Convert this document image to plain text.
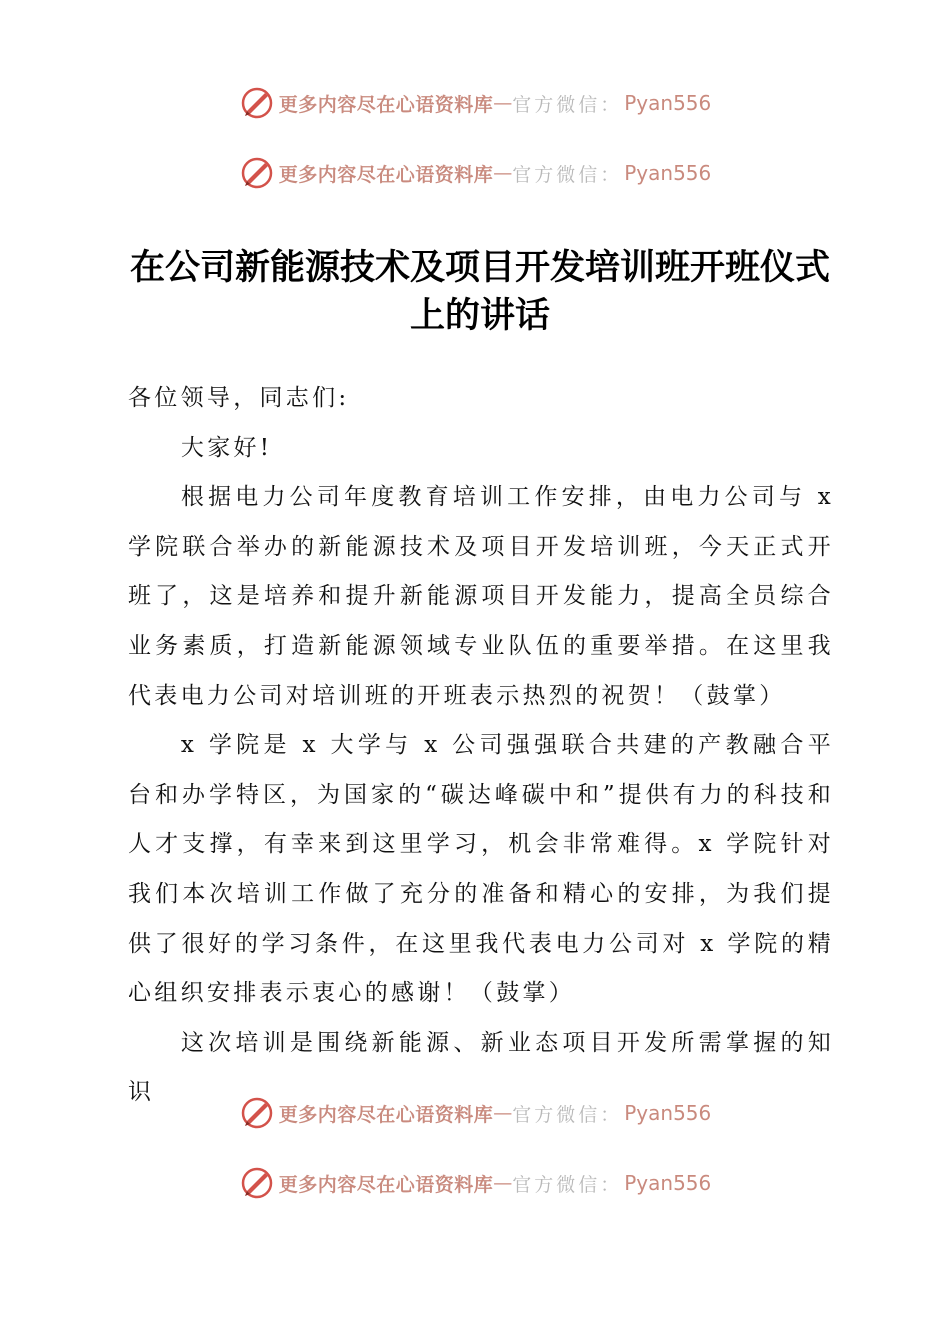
更多内容尽在心语资料库 — 官方微信： Pyan556
更多内容尽在心语资料库 — 官方微信： Pyan556
在公司新能源技术及项目开发培训班开班仪式
上的讲话

各位领导，同志们:

大家好!

根据电力公司年度教育培训工作安排，由电力公司与 x 学院联合举办的新能源技术及项目开发培训班，今天正式开班了，这是培养和提升新能源项目开发能力，提高全员综合业务素质，打造新能源领域专业队伍的重要举措。在这里我代表电力公司对培训班的开班表示热烈的祝贺！（鼓掌）

x 学院是 x 大学与 x 公司强强联合共建的产教融合平台和办学特区，为国家的“碳达峰碳中和”提供有力的科技和人才支撑，有幸来到这里学习，机会非常难得。x 学院针对我们本次培训工作做了充分的准备和精心的安排，为我们提供了很好的学习条件，在这里我代表电力公司对 x 学院的精心组织安排表示衷心的感谢！（鼓掌）

这次培训是围绕新能源、新业态项目开发所需掌握的知识

更多内容尽在心语资料库 — 官方微信： Pyan556
更多内容尽在心语资料库 — 官方微信： Pyan556
